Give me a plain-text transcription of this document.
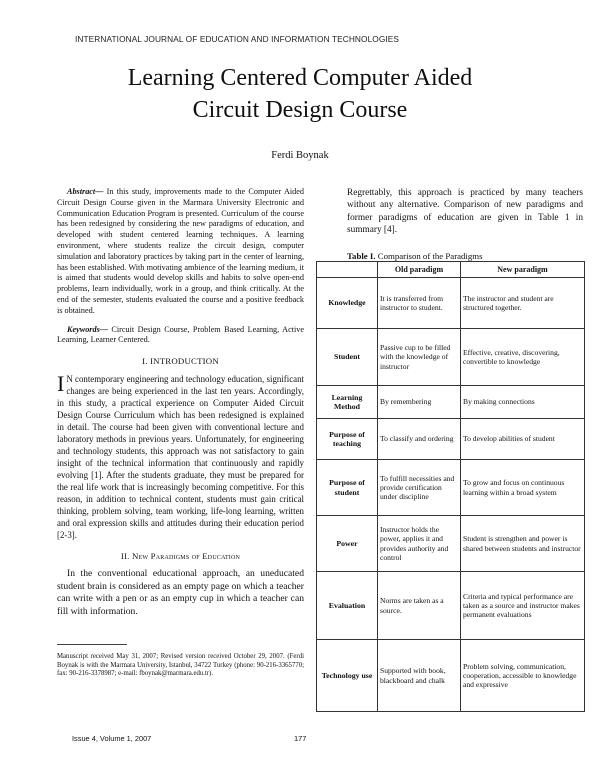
INTERNATIONAL JOURNAL OF EDUCATION AND INFORMATION TECHNOLOGIES
Learning Centered Computer Aided
Circuit Design Course
Ferdi Boynak

Abstract— In this study, improvements made to the Computer Aided Circuit Design Course given in the Marmara University Electronic and Communication Education Program is presented. Curriculum of the course has been redesigned by considering the new paradigms of education, and developed with student centered learning techniques. A learning environment, where students realize the circuit design, computer simulation and laboratory practices by taking part in the center of learning, has been established. With motivating ambience of the learning medium, it is aimed that students would develop skills and habits to solve open-end problems, learn individually, work in a group, and think critically. At the end of the semester, students evaluated the course and a positive feedback is obtained.

Keywords— Circuit Design Course, Problem Based Learning, Active Learning, Learner Centered.

I. INTRODUCTION

I N contemporary engineering and technology education, significant changes are being experienced in the last ten years. Accordingly, in this study, a practical experience on Computer Aided Circuit Design Course Curriculum which has been redesigned is explained in detail. The course had been given with conventional lecture and laboratory methods in previous years. Unfortunately, for engineering and technology students, this approach was not satisfactory to gain insight of the technical information that continuously and rapidly evolving [1]. After the students graduate, they must be prepared for the real life work that is increasingly becoming competitive. For this reason, in addition to technical content, students must gain critical thinking, problem solving, team working, life-long learning, written and oral expression skills and attitudes during their education period [2-3].

II. New Paradigms of Education

In the conventional educational approach, an uneducated student brain is considered as an empty page on which a teacher can write with a pen or as an empty cup in which a teacher can fill with information.

Manuscript received May 31, 2007; Revised version received October 29, 2007. (Ferdi Boynak is with the Marmara University, Istanbul, 34722 Turkey (phone: 90-216-3365770; fax: 90-216-3378987; e-mail: fboynak@marmara.edu.tr).

Regrettably, this approach is practiced by many teachers without any alternative. Comparison of new paradigms and former paradigms of education are given in Table 1 in summary [4].

Table I. Comparison of the Paradigms
	Old paradigm	New paradigm
Knowledge	It is transferred from instructor to student.	The instructor and student are structured together.
Student	Passive cup to be filled with the knowledge of instructor	Effective, creative, discovering, convertible to knowledge
Learning Method	By remembering	By making connections
Purpose of teaching	To classify and ordering	To develop abilities of student
Purpose of student	To fulfill necessities and provide certification under discipline	To grow and focus on continuous learning within a broad system
Power	Instructor holds the power, applies it and provides authority and control	Student is strengthen and power is shared between students and instructor
Evaluation	Norms are taken as a source.	Criteria and typical performance are taken as a source and instructor makes permanent evaluations
Technology use	Supported with book, blackboard and chalk	Problem solving, communication, cooperation, accessible to knowledge and expressive
Issue 4, Volume 1, 2007	177
